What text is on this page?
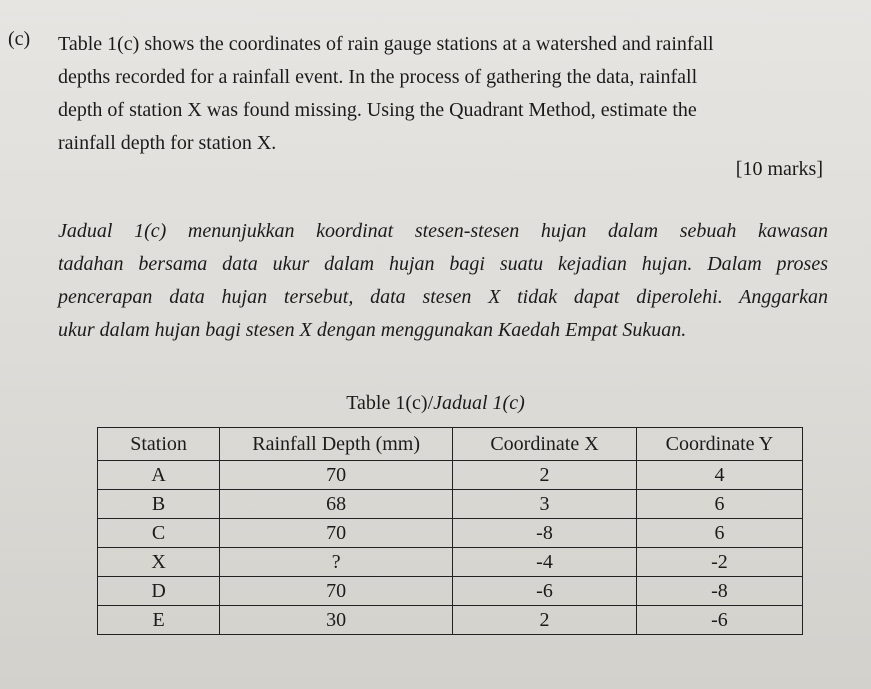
(c) Table 1(c) shows the coordinates of rain gauge stations at a watershed and rainfall
depths recorded for a rainfall event. In the process of gathering the data, rainfall
depth of station X was found missing. Using the Quadrant Method, estimate the
rainfall depth for station X.
[10 marks]
Jadual 1(c) menunjukkan koordinat stesen-stesen hujan dalam sebuah kawasan
tadahan bersama data ukur dalam hujan bagi suatu kejadian hujan. Dalam proses
pencerapan data hujan tersebut, data stesen X tidak dapat diperolehi. Anggarkan
ukur dalam hujan bagi stesen X dengan menggunakan Kaedah Empat Sukuan.
Table 1(c)/Jadual 1(c)
Station	Rainfall Depth (mm)	Coordinate X	Coordinate Y
A	70	2	4
B	68	3	6
C	70	-8	6
X	?	-4	-2
D	70	-6	-8
E	30	2	-6
